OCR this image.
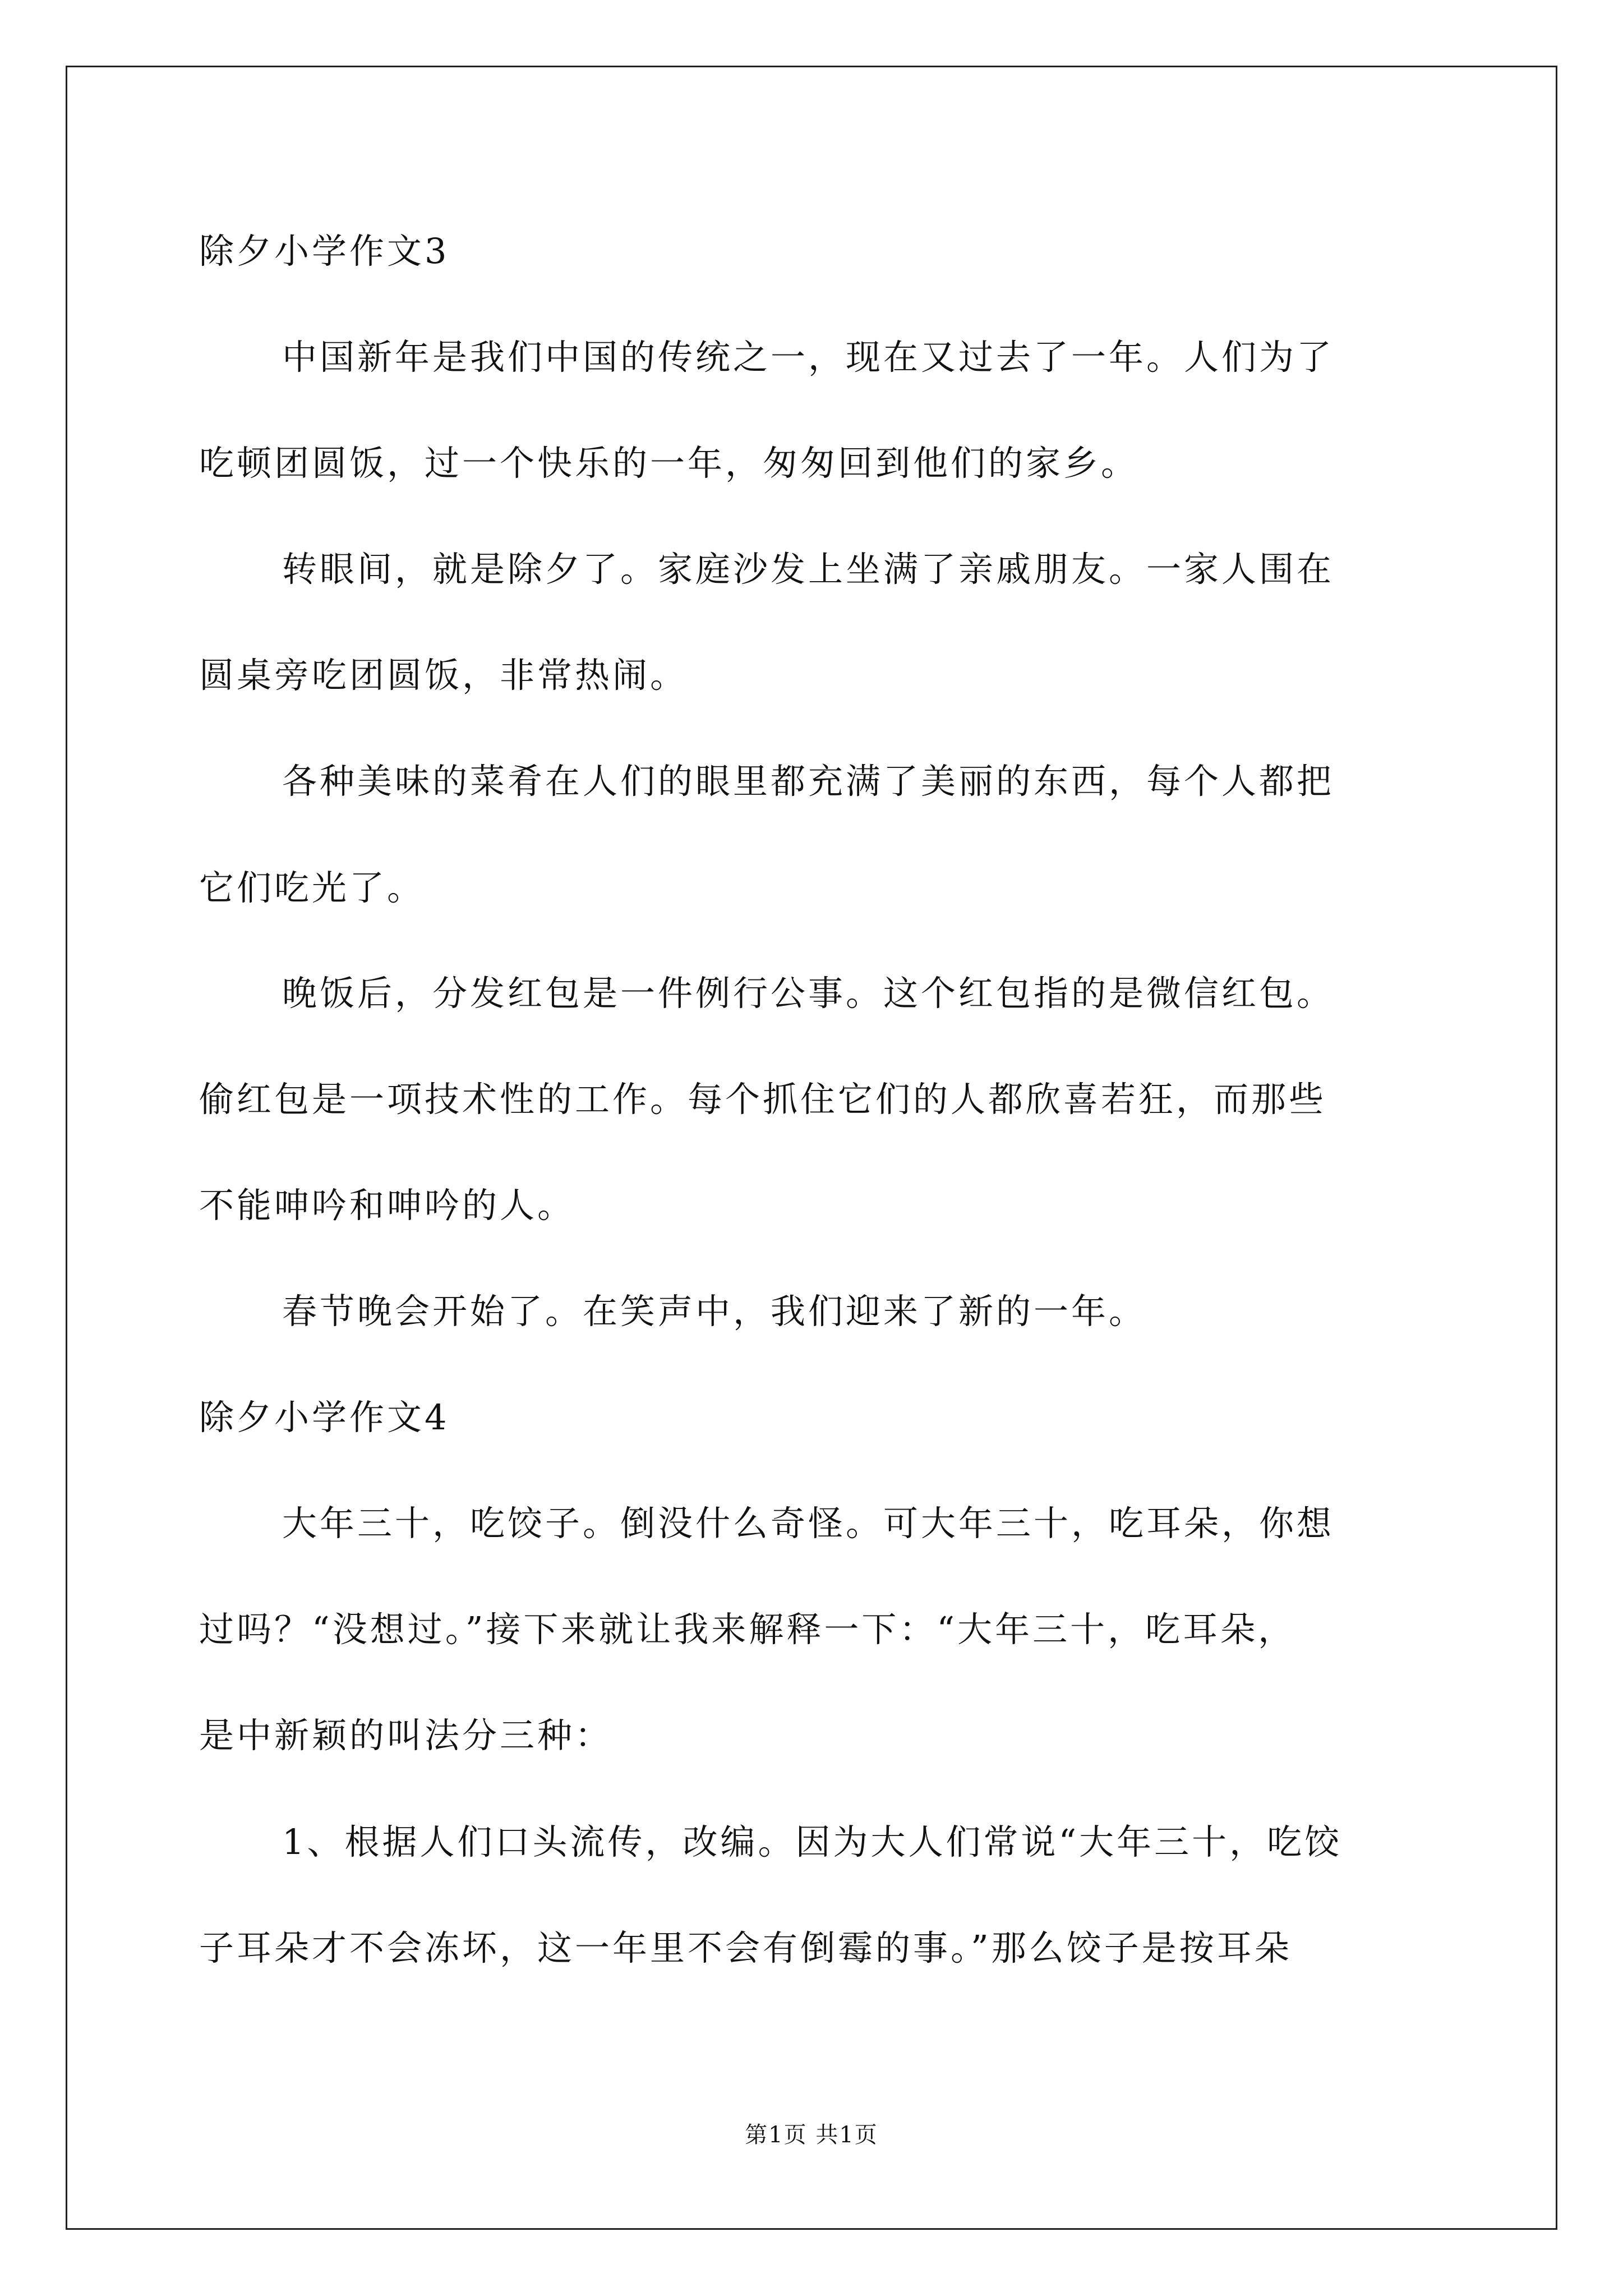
除夕小学作文3
中国新年是我们中国的传统之一，现在又过去了一年。人们为了
吃顿团圆饭，过一个快乐的一年，匆匆回到他们的家乡。
转眼间，就是除夕了。家庭沙发上坐满了亲戚朋友。一家人围在
圆桌旁吃团圆饭，非常热闹。
各种美味的菜肴在人们的眼里都充满了美丽的东西，每个人都把
它们吃光了。
晚饭后，分发红包是一件例行公事。这个红包指的是微信红包。
偷红包是一项技术性的工作。每个抓住它们的人都欣喜若狂，而那些
不能呻吟和呻吟的人。
春节晚会开始了。在笑声中，我们迎来了新的一年。
除夕小学作文4
大年三十，吃饺子。倒没什么奇怪。可大年三十，吃耳朵，你想
过吗？“没想过。”接下来就让我来解释一下：“大年三十，吃耳朵，
是中新颖的叫法分三种：
1、根据人们口头流传，改编。因为大人们常说“大年三十，吃饺
子耳朵才不会冻坏，这一年里不会有倒霉的事。”那么饺子是按耳朵
第1页 共1页
